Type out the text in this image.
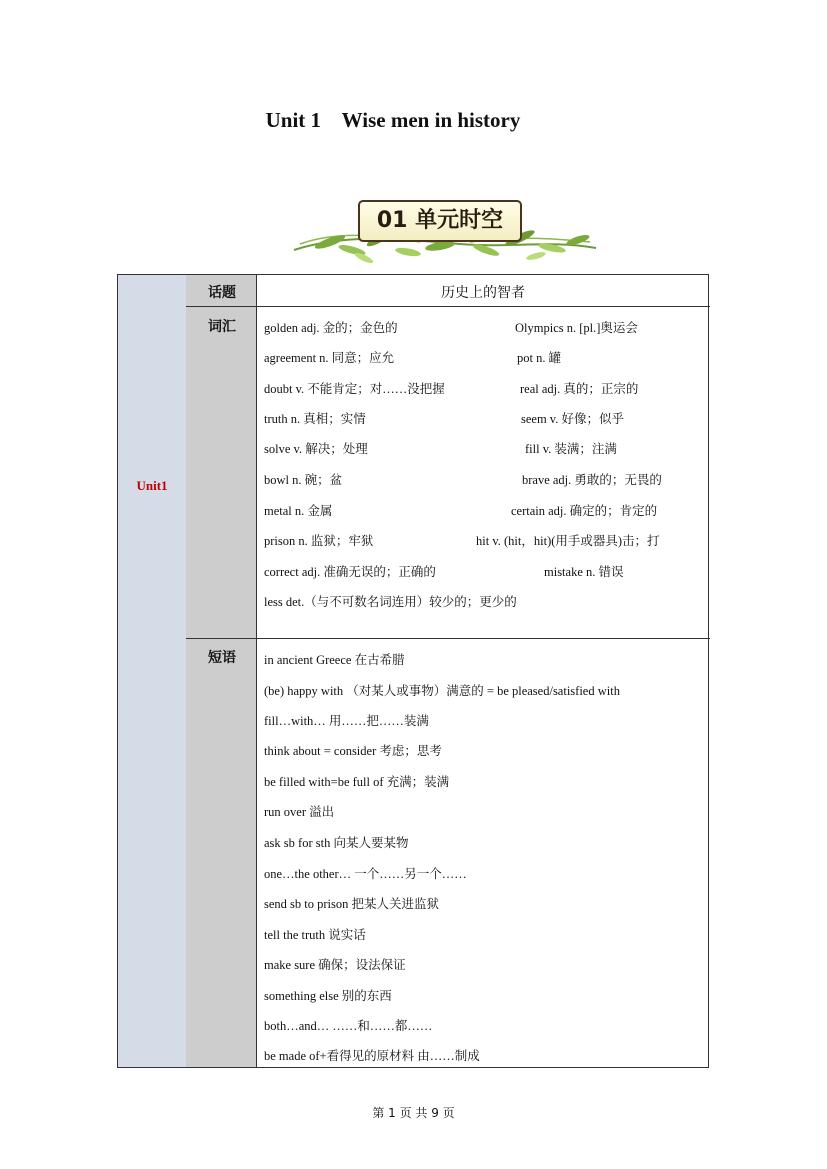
Unit 1    Wise men in history
01 单元时空
Unit1
话题	历史上的智者
词汇	golden adj. 金的；金色的	Olympics n. [pl.]奥运会
agreement n. 同意；应允	pot n. 罐
doubt v. 不能肯定；对……没把握	real adj. 真的；正宗的
truth n. 真相；实情	seem v. 好像；似乎
solve v. 解决；处理	fill v. 装满；注满
bowl n. 碗；盆	brave adj. 勇敢的；无畏的
metal n. 金属	certain adj. 确定的；肯定的
prison n. 监狱；牢狱	hit v. (hit，hit)(用手或器具)击；打
correct adj. 准确无误的；正确的	mistake n. 错误
less det.（与不可数名词连用）较少的；更少的
短语	in ancient Greece 在古希腊
(be) happy with （对某人或事物）满意的 = be pleased/satisfied with
fill…with… 用……把……装满
think about = consider 考虑；思考
be filled with=be full of 充满；装满
run over 溢出
ask sb for sth 向某人要某物
one…the other… 一个……另一个……
send sb to prison 把某人关进监狱
tell the truth 说实话
make sure 确保；设法保证
something else 别的东西
both…and… ……和……都……
be made of+看得见的原材料 由……制成
第 1 页 共 9 页
